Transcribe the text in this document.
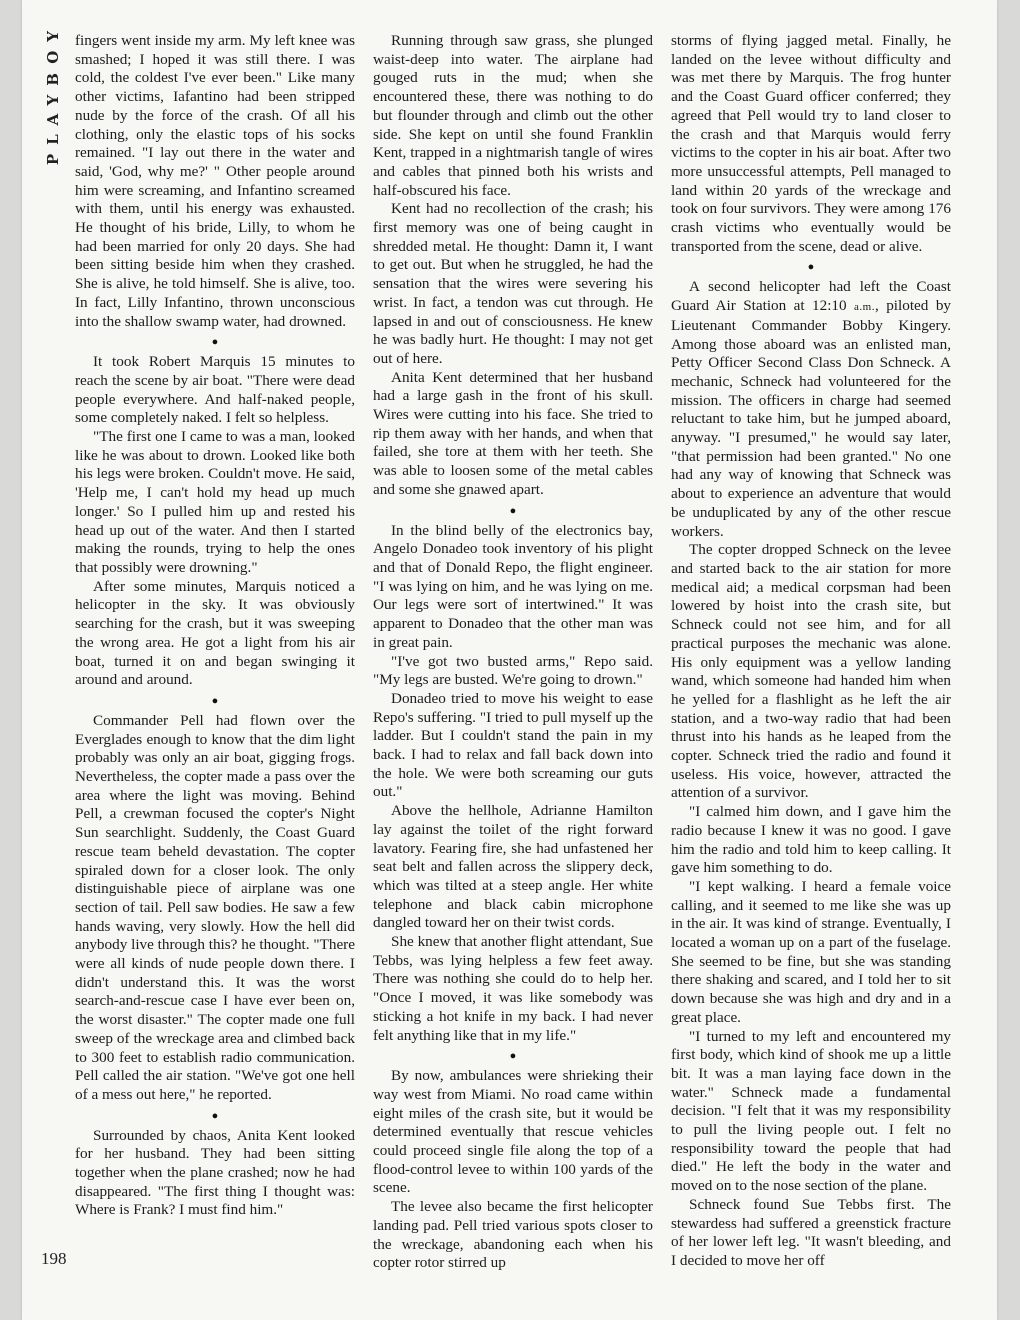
PLAYBOY
198

fingers went inside my arm. My left knee was smashed; I hoped it was still there. I was cold, the coldest I've ever been." Like many other victims, Iafantino had been stripped nude by the force of the crash. Of all his clothing, only the elastic tops of his socks remained. "I lay out there in the water and said, 'God, why me?' " Other people around him were screaming, and Infantino screamed with them, until his energy was exhausted. He thought of his bride, Lilly, to whom he had been married for only 20 days. She had been sitting beside him when they crashed. She is alive, he told himself. She is alive, too. In fact, Lilly Infantino, thrown unconscious into the shallow swamp water, had drowned.

●

It took Robert Marquis 15 minutes to reach the scene by air boat. "There were dead people everywhere. And half-naked people, some completely naked. I felt so helpless.

"The first one I came to was a man, looked like he was about to drown. Looked like both his legs were broken. Couldn't move. He said, 'Help me, I can't hold my head up much longer.' So I pulled him up and rested his head up out of the water. And then I started making the rounds, trying to help the ones that possibly were drowning."

After some minutes, Marquis noticed a helicopter in the sky. It was obviously searching for the crash, but it was sweeping the wrong area. He got a light from his air boat, turned it on and began swinging it around and around.

●

Commander Pell had flown over the Everglades enough to know that the dim light probably was only an air boat, gigging frogs. Nevertheless, the copter made a pass over the area where the light was moving. Behind Pell, a crewman focused the copter's Night Sun searchlight. Suddenly, the Coast Guard rescue team beheld devastation. The copter spiraled down for a closer look. The only distinguishable piece of airplane was one section of tail. Pell saw bodies. He saw a few hands waving, very slowly. How the hell did anybody live through this? he thought. "There were all kinds of nude people down there. I didn't understand this. It was the worst search-and-rescue case I have ever been on, the worst disaster." The copter made one full sweep of the wreckage area and climbed back to 300 feet to establish radio communication. Pell called the air station. "We've got one hell of a mess out here," he reported.

●

Surrounded by chaos, Anita Kent looked for her husband. They had been sitting together when the plane crashed; now he had disappeared. "The first thing I thought was: Where is Frank? I must find him."

Running through saw grass, she plunged waist-deep into water. The airplane had gouged ruts in the mud; when she encountered these, there was nothing to do but flounder through and climb out the other side. She kept on until she found Franklin Kent, trapped in a nightmarish tangle of wires and cables that pinned both his wrists and half-obscured his face.

Kent had no recollection of the crash; his first memory was one of being caught in shredded metal. He thought: Damn it, I want to get out. But when he struggled, he had the sensation that the wires were severing his wrist. In fact, a tendon was cut through. He lapsed in and out of consciousness. He knew he was badly hurt. He thought: I may not get out of here.

Anita Kent determined that her husband had a large gash in the front of his skull. Wires were cutting into his face. She tried to rip them away with her hands, and when that failed, she tore at them with her teeth. She was able to loosen some of the metal cables and some she gnawed apart.

●

In the blind belly of the electronics bay, Angelo Donadeo took inventory of his plight and that of Donald Repo, the flight engineer. "I was lying on him, and he was lying on me. Our legs were sort of intertwined." It was apparent to Donadeo that the other man was in great pain.

"I've got two busted arms," Repo said. "My legs are busted. We're going to drown."

Donadeo tried to move his weight to ease Repo's suffering. "I tried to pull myself up the ladder. But I couldn't stand the pain in my back. I had to relax and fall back down into the hole. We were both screaming our guts out."

Above the hellhole, Adrianne Hamilton lay against the toilet of the right forward lavatory. Fearing fire, she had unfastened her seat belt and fallen across the slippery deck, which was tilted at a steep angle. Her white telephone and black cabin microphone dangled toward her on their twist cords.

She knew that another flight attendant, Sue Tebbs, was lying helpless a few feet away. There was nothing she could do to help her. "Once I moved, it was like somebody was sticking a hot knife in my back. I had never felt anything like that in my life."

●

By now, ambulances were shrieking their way west from Miami. No road came within eight miles of the crash site, but it would be determined eventually that rescue vehicles could proceed single file along the top of a flood-control levee to within 100 yards of the scene.

The levee also became the first helicopter landing pad. Pell tried various spots closer to the wreckage, abandoning each when his copter rotor stirred up

storms of flying jagged metal. Finally, he landed on the levee without difficulty and was met there by Marquis. The frog hunter and the Coast Guard officer conferred; they agreed that Pell would try to land closer to the crash and that Marquis would ferry victims to the copter in his air boat. After two more unsuccessful attempts, Pell managed to land within 20 yards of the wreckage and took on four survivors. They were among 176 crash victims who eventually would be transported from the scene, dead or alive.

●

A second helicopter had left the Coast Guard Air Station at 12:10 a.m., piloted by Lieutenant Commander Bobby Kingery. Among those aboard was an enlisted man, Petty Officer Second Class Don Schneck. A mechanic, Schneck had volunteered for the mission. The officers in charge had seemed reluctant to take him, but he jumped aboard, anyway. "I presumed," he would say later, "that permission had been granted." No one had any way of knowing that Schneck was about to experience an adventure that would be unduplicated by any of the other rescue workers.

The copter dropped Schneck on the levee and started back to the air station for more medical aid; a medical corpsman had been lowered by hoist into the crash site, but Schneck could not see him, and for all practical purposes the mechanic was alone. His only equipment was a yellow landing wand, which someone had handed him when he yelled for a flashlight as he left the air station, and a two-way radio that had been thrust into his hands as he leaped from the copter. Schneck tried the radio and found it useless. His voice, however, attracted the attention of a survivor.

"I calmed him down, and I gave him the radio because I knew it was no good. I gave him the radio and told him to keep calling. It gave him something to do.

"I kept walking. I heard a female voice calling, and it seemed to me like she was up in the air. It was kind of strange. Eventually, I located a woman up on a part of the fuselage. She seemed to be fine, but she was standing there shaking and scared, and I told her to sit down because she was high and dry and in a great place.

"I turned to my left and encountered my first body, which kind of shook me up a little bit. It was a man laying face down in the water." Schneck made a fundamental decision. "I felt that it was my responsibility to pull the living people out. I felt no responsibility toward the people that had died." He left the body in the water and moved on to the nose section of the plane.

Schneck found Sue Tebbs first. The stewardess had suffered a greenstick fracture of her lower left leg. "It wasn't bleeding, and I decided to move her off
